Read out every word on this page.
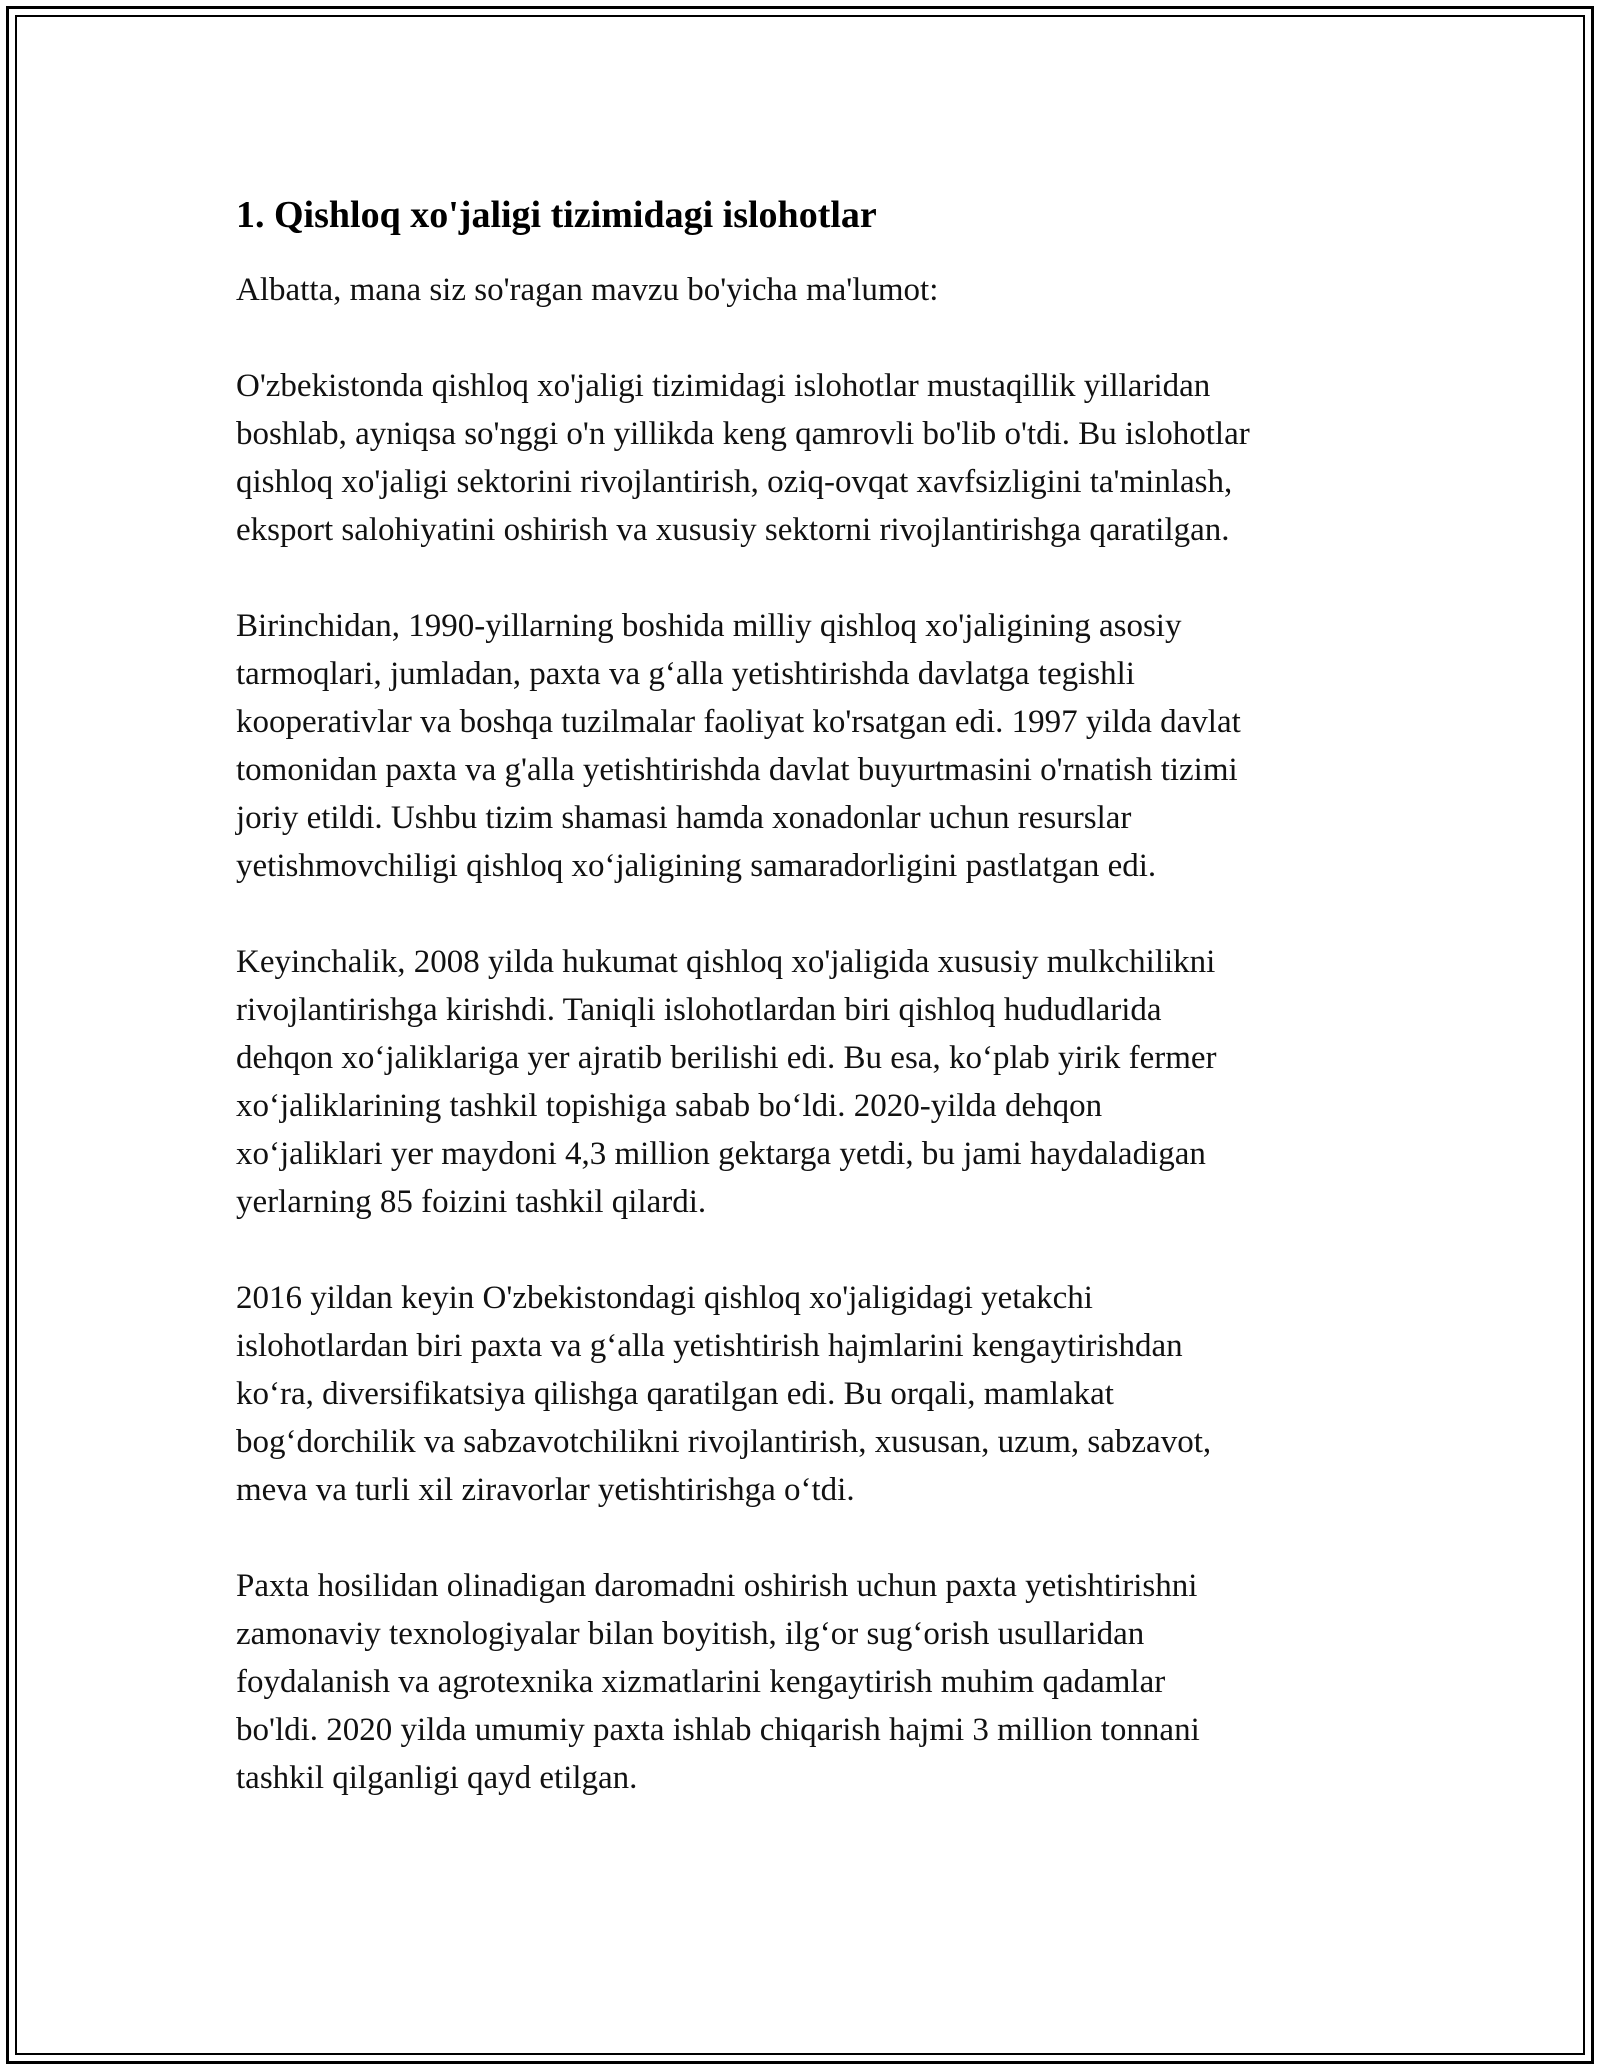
1. Qishloq xo'jaligi tizimidagi islohotlar

Albatta, mana siz so'ragan mavzu bo'yicha ma'lumot:

O'zbekistonda qishloq xo'jaligi tizimidagi islohotlar mustaqillik yillaridan
boshlab, ayniqsa so'nggi o'n yillikda keng qamrovli bo'lib o'tdi. Bu islohotlar
qishloq xo'jaligi sektorini rivojlantirish, oziq-ovqat xavfsizligini ta'minlash,
eksport salohiyatini oshirish va xususiy sektorni rivojlantirishga qaratilgan.

Birinchidan, 1990-yillarning boshida milliy qishloq xo'jaligining asosiy
tarmoqlari, jumladan, paxta va g‘alla yetishtirishda davlatga tegishli
kooperativlar va boshqa tuzilmalar faoliyat ko'rsatgan edi. 1997 yilda davlat
tomonidan paxta va g'alla yetishtirishda davlat buyurtmasini o'rnatish tizimi
joriy etildi. Ushbu tizim shamasi hamda xonadonlar uchun resurslar
yetishmovchiligi qishloq xo‘jaligining samaradorligini pastlatgan edi.

Keyinchalik, 2008 yilda hukumat qishloq xo'jaligida xususiy mulkchilikni
rivojlantirishga kirishdi. Taniqli islohotlardan biri qishloq hududlarida
dehqon xo‘jaliklariga yer ajratib berilishi edi. Bu esa, ko‘plab yirik fermer
xo‘jaliklarining tashkil topishiga sabab bo‘ldi. 2020-yilda dehqon
xo‘jaliklari yer maydoni 4,3 million gektarga yetdi, bu jami haydaladigan
yerlarning 85 foizini tashkil qilardi.

2016 yildan keyin O'zbekistondagi qishloq xo'jaligidagi yetakchi
islohotlardan biri paxta va g‘alla yetishtirish hajmlarini kengaytirishdan
ko‘ra, diversifikatsiya qilishga qaratilgan edi. Bu orqali, mamlakat
bog‘dorchilik va sabzavotchilikni rivojlantirish, xususan, uzum, sabzavot,
meva va turli xil ziravorlar yetishtirishga o‘tdi.

Paxta hosilidan olinadigan daromadni oshirish uchun paxta yetishtirishni
zamonaviy texnologiyalar bilan boyitish, ilg‘or sug‘orish usullaridan
foydalanish va agrotexnika xizmatlarini kengaytirish muhim qadamlar
bo'ldi. 2020 yilda umumiy paxta ishlab chiqarish hajmi 3 million tonnani
tashkil qilganligi qayd etilgan.
